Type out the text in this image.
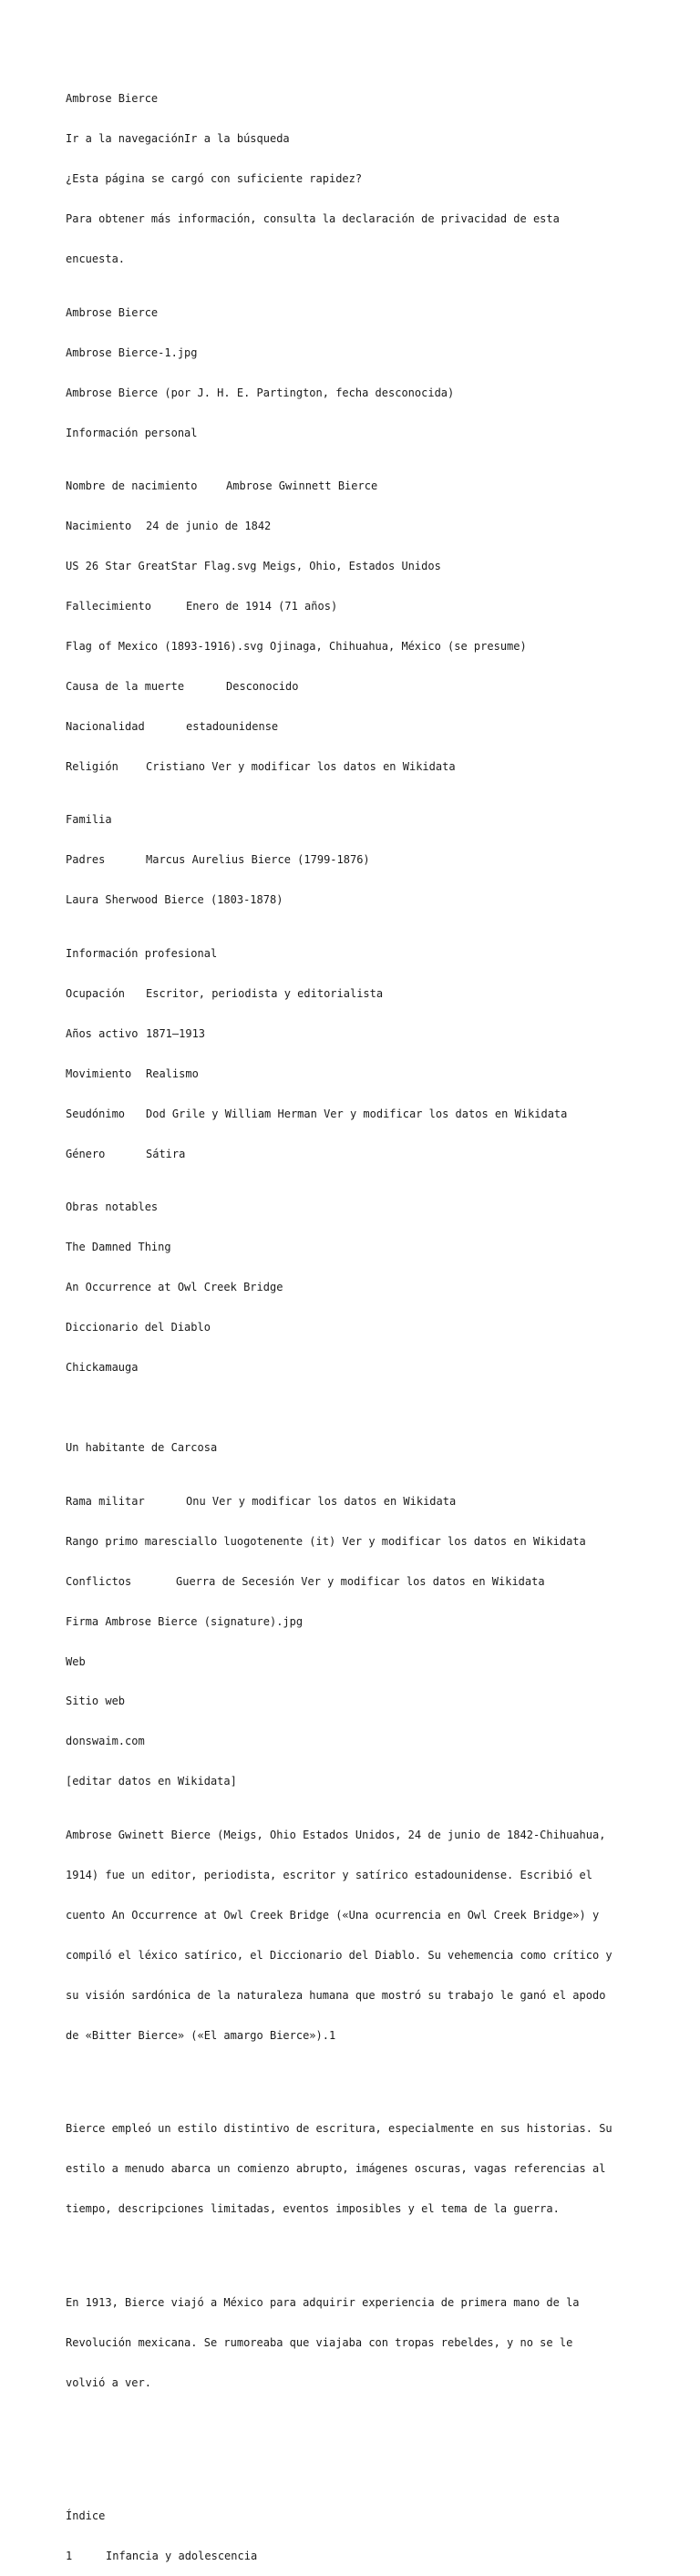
Ambrose Bierce

Ir a la navegaciónIr a la búsqueda

¿Esta página se cargó con suficiente rapidez?

Para obtener más información, consulta la declaración de privacidad de esta

encuesta.

Ambrose Bierce

Ambrose Bierce-1.jpg

Ambrose Bierce (por J. H. E. Partington, fecha desconocida)

Información personal

Nombre de nacimiento	Ambrose Gwinnett Bierce

Nacimiento 24 de junio de 1842

US 26 Star GreatStar Flag.svg Meigs, Ohio, Estados Unidos

Fallecimiento	Enero de 1914 (71 años)

Flag of Mexico (1893-1916).svg Ojinaga, Chihuahua, México (se presume)

Causa de la muerte	Desconocido

Nacionalidad	estadounidense

Religión	Cristiano Ver y modificar los datos en Wikidata

Familia

Padres	Marcus Aurelius Bierce (1799-1876)

Laura Sherwood Bierce (1803-1878)

Información profesional

Ocupación Escritor, periodista y editorialista

Años activo 1871—1913

Movimiento Realismo

Seudónimo Dod Grile y William Herman Ver y modificar los datos en Wikidata

Género	Sátira

Obras notables

The Damned Thing

An Occurrence at Owl Creek Bridge

Diccionario del Diablo

Chickamauga

Un habitante de Carcosa

Rama militar	Onu Ver y modificar los datos en Wikidata

Rango primo maresciallo luogotenente (it) Ver y modificar los datos en Wikidata

Conflictos	Guerra de Secesión Ver y modificar los datos en Wikidata

Firma Ambrose Bierce (signature).jpg

Web

Sitio web

donswaim.com

[editar datos en Wikidata]

Ambrose Gwinett Bierce (Meigs, Ohio Estados Unidos, 24 de junio de 1842-Chihuahua,

1914) fue un editor, periodista, escritor y satírico estadounidense. Escribió el

cuento An Occurrence at Owl Creek Bridge («Una ocurrencia en Owl Creek Bridge») y

compiló el léxico satírico, el Diccionario del Diablo. Su vehemencia como crítico y

su visión sardónica de la naturaleza humana que mostró su trabajo le ganó el apodo

de «Bitter Bierce» («El amargo Bierce»).1

Bierce empleó un estilo distintivo de escritura, especialmente en sus historias. Su

estilo a menudo abarca un comienzo abrupto, imágenes oscuras, vagas referencias al

tiempo, descripciones limitadas, eventos imposibles y el tema de la guerra.

En 1913, Bierce viajó a México para adquirir experiencia de primera mano de la

Revolución mexicana. Se rumoreaba que viajaba con tropas rebeldes, y no se le

volvió a ver.

Índice

1	Infancia y adolescencia
